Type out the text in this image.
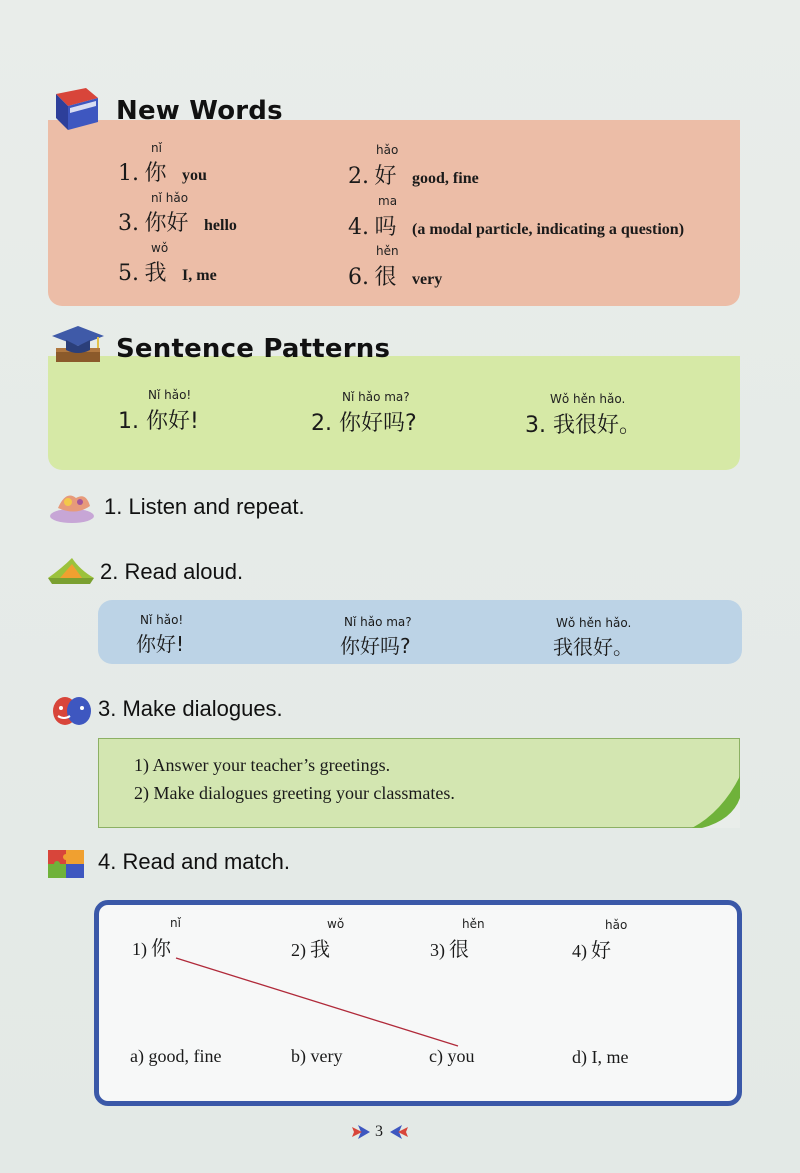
New Words
nǐ
1. 你 you
hǎo
2. 好 good, fine
nǐ hǎo
3. 你好 hello
ma
4. 吗 (a modal particle, indicating a question)
wǒ
5. 我 I, me
hěn
6. 很 very
Sentence Patterns
Nǐ hǎo!
1. 你好!
Nǐ hǎo ma?
2. 你好吗?
Wǒ hěn hǎo.
3. 我很好。
1. Listen and repeat.
2. Read aloud.
Nǐ hǎo!
你好!
Nǐ hǎo ma?
你好吗?
Wǒ hěn hǎo.
我很好。
3. Make dialogues.
1) Answer your teacher’s greetings.
2) Make dialogues greeting your classmates.
4. Read and match.
nǐ
1) 你
wǒ
2) 我
hěn
3) 很
hǎo
4) 好
a) good, fine	b) very	c) you	d) I, me
3
